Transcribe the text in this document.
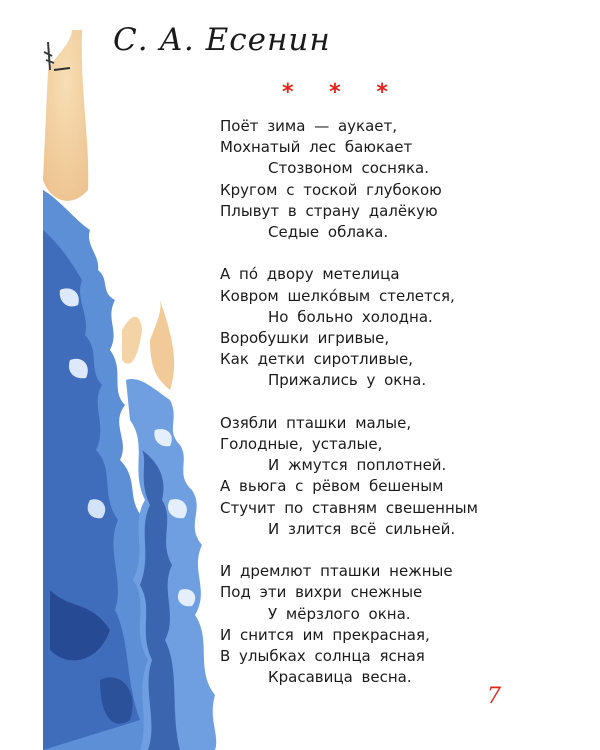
С. А. Есенин
* * *
Поёт зима — аукает,
Мохнатый лес баюкает
Стозвоном сосняка.
Кругом с тоской глубокою
Плывут в страну далёкую
Седые облака.
А по́ двору метелица
Ковром шелко́вым стелется,
Но больно холодна.
Воробушки игривые,
Как детки сиротливые,
Прижались у окна.
Озябли пташки малые,
Голодные, усталые,
И жмутся поплотней.
А вьюга с рёвом бешеным
Стучит по ставням свешенным
И злится всё сильней.
И дремлют пташки нежные
Под эти вихри снежные
У мёрзлого окна.
И снится им прекрасная,
В улыбках солнца ясная
Красавица весна.
7
